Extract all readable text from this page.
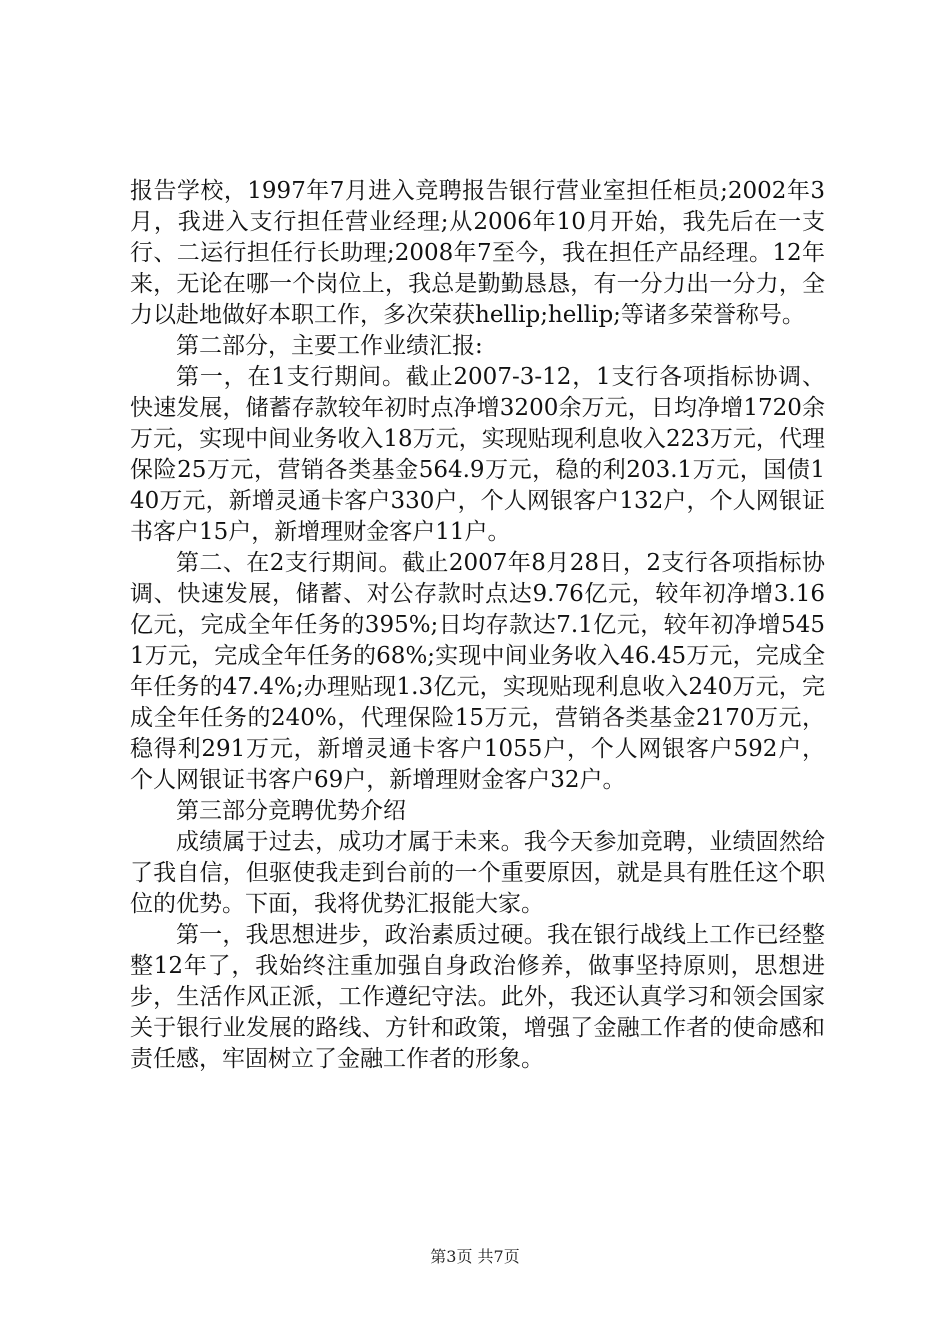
报告学校，1997年7月进入竞聘报告银行营业室担任柜员;2002年3月，我进入支行担任营业经理;从2006年10月开始，我先后在一支行、二运行担任行长助理;2008年7至今，我在担任产品经理。12年来，无论在哪一个岗位上，我总是勤勤恳恳，有一分力出一分力，全力以赴地做好本职工作，多次荣获hellip;hellip;等诸多荣誉称号。

第二部分，主要工作业绩汇报:

第一，在1支行期间。截止2007-3-12，1支行各项指标协调、快速发展，储蓄存款较年初时点净增3200余万元，日均净增1720余万元，实现中间业务收入18万元，实现贴现利息收入223万元，代理保险25万元，营销各类基金564.9万元，稳的利203.1万元，国债140万元，新增灵通卡客户330户，个人网银客户132户，个人网银证书客户15户，新增理财金客户11户。

第二、在2支行期间。截止2007年8月28日，2支行各项指标协调、快速发展，储蓄、对公存款时点达9.76亿元，较年初净增3.16亿元，完成全年任务的395%;日均存款达7.1亿元，较年初净增5451万元，完成全年任务的68%;实现中间业务收入46.45万元，完成全年任务的47.4%;办理贴现1.3亿元，实现贴现利息收入240万元，完成全年任务的240%，代理保险15万元，营销各类基金2170万元，稳得利291万元，新增灵通卡客户1055户，个人网银客户592户，个人网银证书客户69户，新增理财金客户32户。

第三部分竞聘优势介绍

成绩属于过去，成功才属于未来。我今天参加竞聘，业绩固然给了我自信，但驱使我走到台前的一个重要原因，就是具有胜任这个职位的优势。下面，我将优势汇报能大家。

第一，我思想进步，政治素质过硬。我在银行战线上工作已经整整12年了，我始终注重加强自身政治修养，做事坚持原则，思想进步，生活作风正派，工作遵纪守法。此外，我还认真学习和领会国家关于银行业发展的路线、方针和政策，增强了金融工作者的使命感和责任感，牢固树立了金融工作者的形象。

第3页 共7页
